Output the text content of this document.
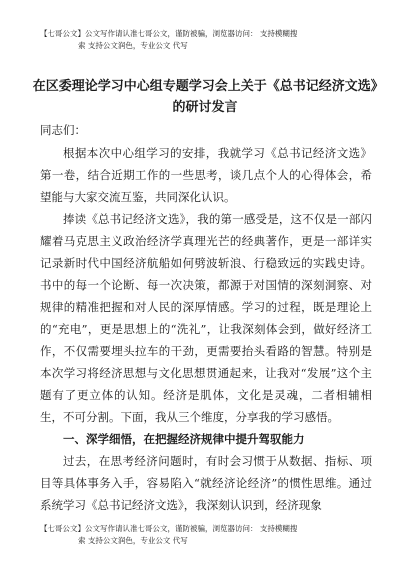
【七哥公文】公文写作请认准七哥公文，谨防被骗，浏览器访问： 支持模糊搜
索 支持公文润色，专业公文 代写
在区委理论学习中心组专题学习会上关于《总书记经济文选》的研讨发言
同志们：

根据本次中心组学习的安排，我就学习《总书记经济文选》第一卷，结合近期工作的一些思考，谈几点个人的心得体会，希望能与大家交流互鉴，共同深化认识。

捧读《总书记经济文选》，我的第一感受是，这不仅是一部闪耀着马克思主义政治经济学真理光芒的经典著作，更是一部详实记录新时代中国经济航船如何劈波斩浪、行稳致远的实践史诗。书中的每一个论断、每一次决策，都源于对国情的深刻洞察、对规律的精准把握和对人民的深厚情感。学习的过程，既是理论上的“充电”，更是思想上的“洗礼”，让我深刻体会到，做好经济工作，不仅需要埋头拉车的干劲，更需要抬头看路的智慧。特别是本次学习将经济思想与文化思想贯通起来，让我对“发展”这个主题有了更立体的认知。经济是肌体，文化是灵魂，二者相辅相生，不可分割。下面，我从三个维度，分享我的学习感悟。

一、深学细悟，在把握经济规律中提升驾驭能力

过去，在思考经济问题时，有时会习惯于从数据、指标、项目等具体事务入手，容易陷入“就经济论经济”的惯性思维。通过系统学习《总书记经济文选》，我深刻认识到，经济现象

【七哥公文】公文写作请认准七哥公文，谨防被骗，浏览器访问： 支持模糊搜
索 支持公文润色，专业公文 代写
